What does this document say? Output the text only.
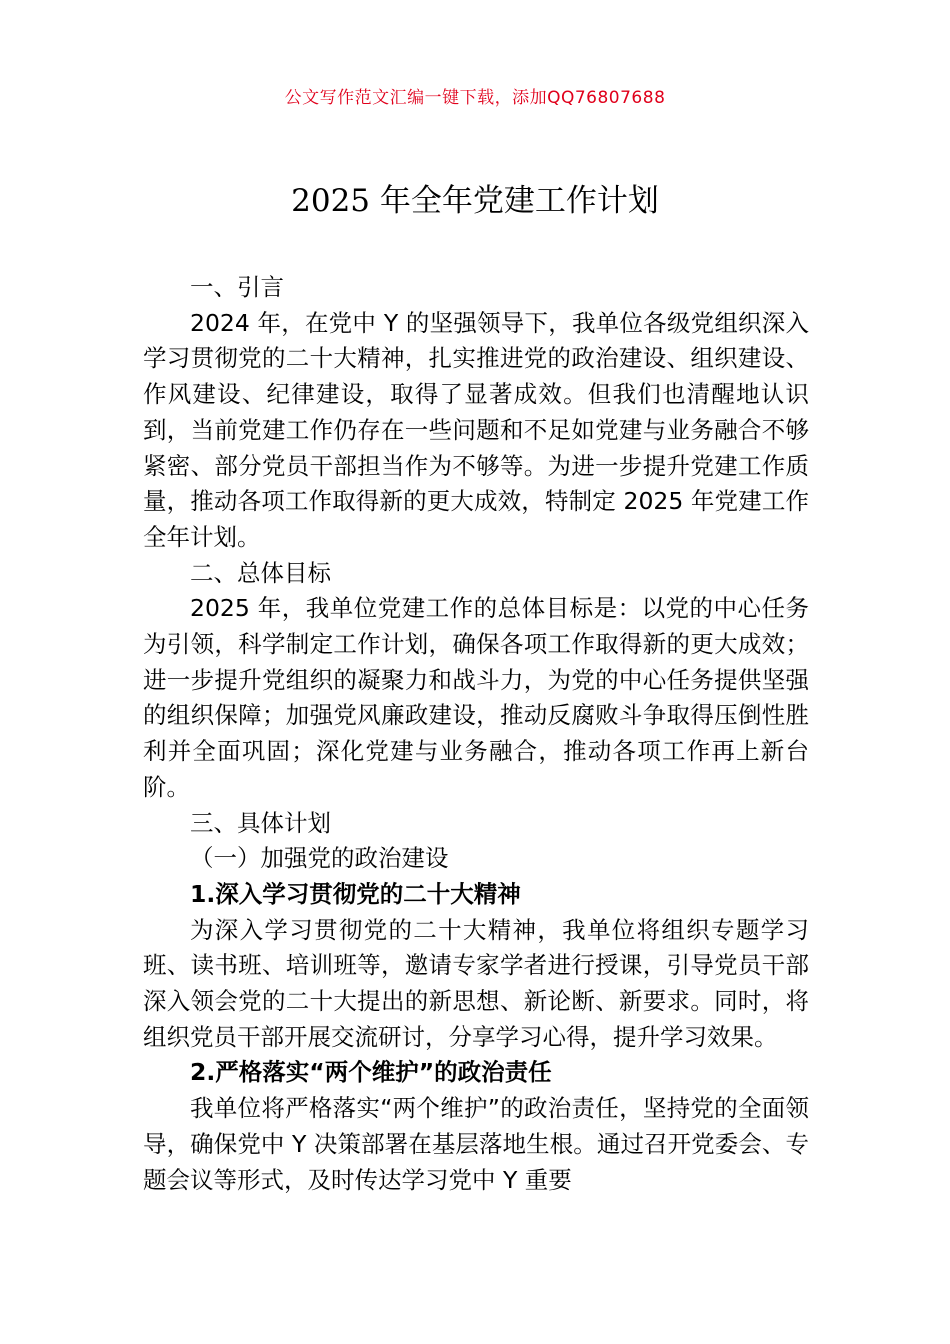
公文写作范文汇编一键下载，添加QQ76807688
2025 年全年党建工作计划

一、引言

2024 年，在党中 Y 的坚强领导下，我单位各级党组织深入学习贯彻党的二十大精神，扎实推进党的政治建设、组织建设、作风建设、纪律建设，取得了显著成效。但我们也清醒地认识到，当前党建工作仍存在一些问题和不足如党建与业务融合不够紧密、部分党员干部担当作为不够等。为进一步提升党建工作质量，推动各项工作取得新的更大成效，特制定 2025 年党建工作全年计划。

二、总体目标

2025 年，我单位党建工作的总体目标是：以党的中心任务为引领，科学制定工作计划，确保各项工作取得新的更大成效；进一步提升党组织的凝聚力和战斗力，为党的中心任务提供坚强的组织保障；加强党风廉政建设，推动反腐败斗争取得压倒性胜利并全面巩固；深化党建与业务融合，推动各项工作再上新台阶。

三、具体计划

（一）加强党的政治建设

1.深入学习贯彻党的二十大精神

为深入学习贯彻党的二十大精神，我单位将组织专题学习班、读书班、培训班等，邀请专家学者进行授课，引导党员干部深入领会党的二十大提出的新思想、新论断、新要求。同时，将组织党员干部开展交流研讨，分享学习心得，提升学习效果。

2.严格落实“两个维护”的政治责任

我单位将严格落实“两个维护”的政治责任，坚持党的全面领导，确保党中 Y 决策部署在基层落地生根。通过召开党委会、专题会议等形式，及时传达学习党中 Y 重要
